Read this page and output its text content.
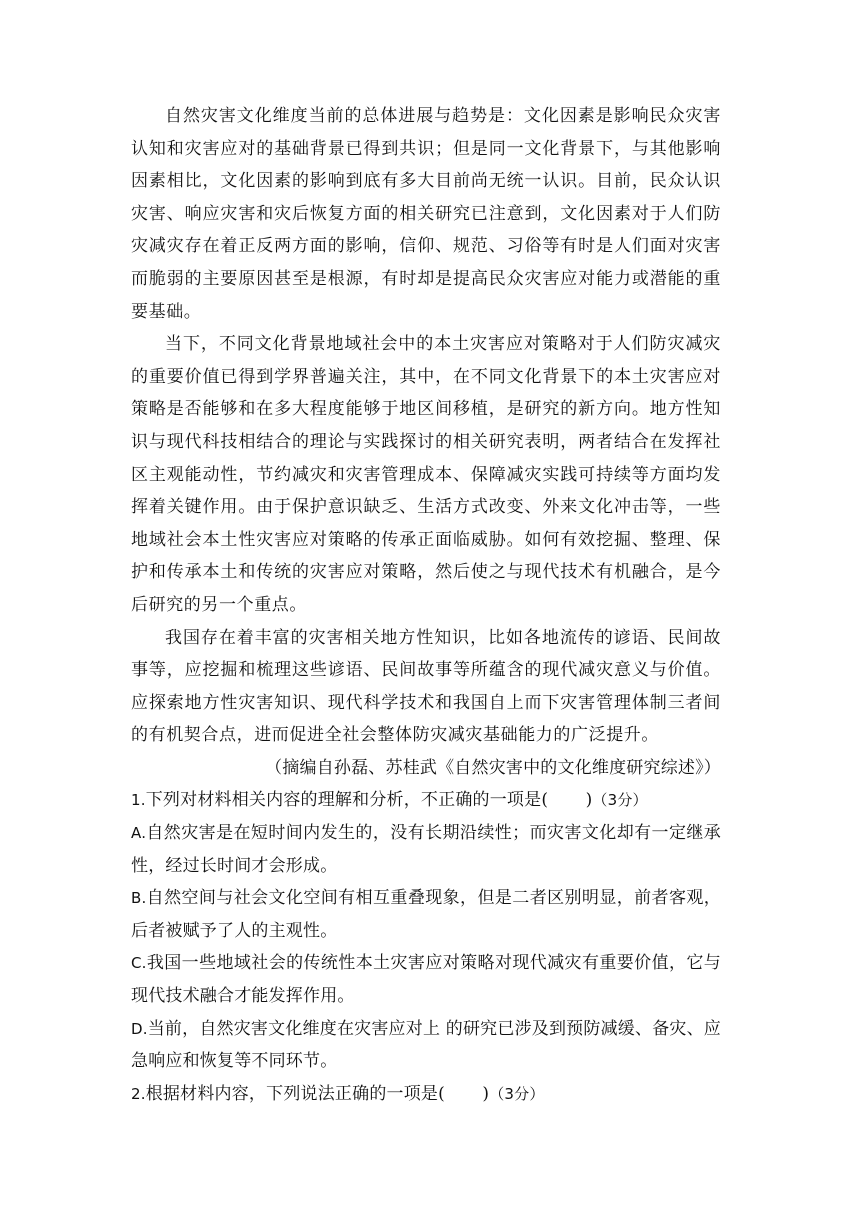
自然灾害文化维度当前的总体进展与趋势是：文化因素是影响民众灾害认知和灾害应对的基础背景已得到共识；但是同一文化背景下，与其他影响因素相比，文化因素的影响到底有多大目前尚无统一认识。目前，民众认识灾害、响应灾害和灾后恢复方面的相关研究已注意到，文化因素对于人们防灾减灾存在着正反两方面的影响，信仰、规范、习俗等有时是人们面对灾害而脆弱的主要原因甚至是根源，有时却是提高民众灾害应对能力或潜能的重要基础。

当下，不同文化背景地域社会中的本土灾害应对策略对于人们防灾减灾的重要价值已得到学界普遍关注，其中，在不同文化背景下的本土灾害应对策略是否能够和在多大程度能够于地区间移植，是研究的新方向。地方性知识与现代科技相结合的理论与实践探讨的相关研究表明，两者结合在发挥社区主观能动性，节约减灾和灾害管理成本、保障减灾实践可持续等方面均发挥着关键作用。由于保护意识缺乏、生活方式改变、外来文化冲击等，一些地域社会本土性灾害应对策略的传承正面临威胁。如何有效挖掘、整理、保护和传承本土和传统的灾害应对策略，然后使之与现代技术有机融合，是今后研究的另一个重点。

我国存在着丰富的灾害相关地方性知识，比如各地流传的谚语、民间故事等，应挖掘和梳理这些谚语、民间故事等所蕴含的现代减灾意义与价值。应探索地方性灾害知识、现代科学技术和我国自上而下灾害管理体制三者间的有机契合点，进而促进全社会整体防灾减灾基础能力的广泛提升。

（摘编自孙磊、苏桂武《自然灾害中的文化维度研究综述》）

1.下列对材料相关内容的理解和分析，不正确的一项是( )（3分）

A.自然灾害是在短时间内发生的，没有长期沿续性；而灾害文化却有一定继承性，经过长时间才会形成。

B.自然空间与社会文化空间有相互重叠现象，但是二者区别明显，前者客观，后者被赋予了人的主观性。

C.我国一些地域社会的传统性本土灾害应对策略对现代减灾有重要价值，它与现代技术融合才能发挥作用。

D.当前，自然灾害文化维度在灾害应对上 的研究已涉及到预防减缓、备灾、应急响应和恢复等不同环节。

2.根据材料内容，下列说法正确的一项是( )（3分）
